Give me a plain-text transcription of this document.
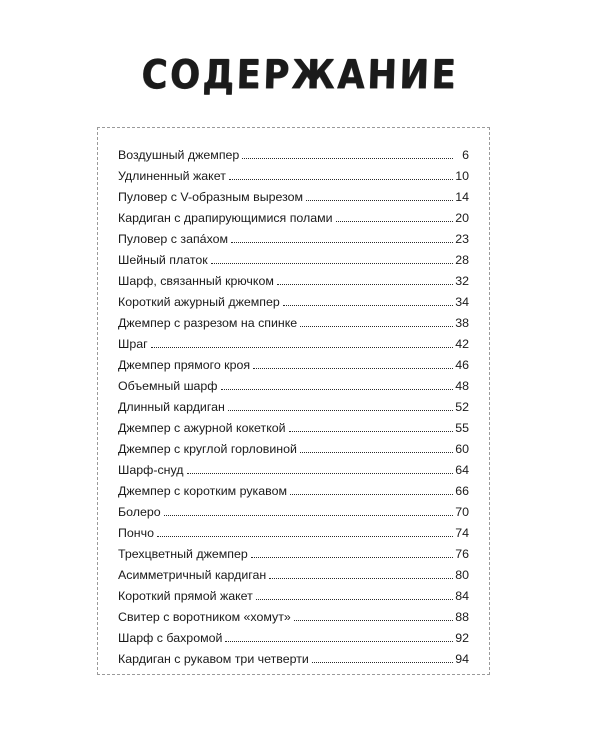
СОДЕРЖАНИЕ
Воздушный джемпер	6
Удлиненный жакет	10
Пуловер с V-образным вырезом	14
Кардиган с драпирующимися полами	20
Пуловер с запáхом	23
Шейный платок	28
Шарф, связанный крючком	32
Короткий ажурный джемпер	34
Джемпер с разрезом на спинке	38
Шраг	42
Джемпер прямого кроя	46
Объемный шарф	48
Длинный кардиган	52
Джемпер с ажурной кокеткой	55
Джемпер с круглой горловиной	60
Шарф-снуд	64
Джемпер с коротким рукавом	66
Болеро	70
Пончо	74
Трехцветный джемпер	76
Асимметричный кардиган	80
Короткий прямой жакет	84
Свитер с воротником «хомут»	88
Шарф с бахромой	92
Кардиган с рукавом три четверти	94
